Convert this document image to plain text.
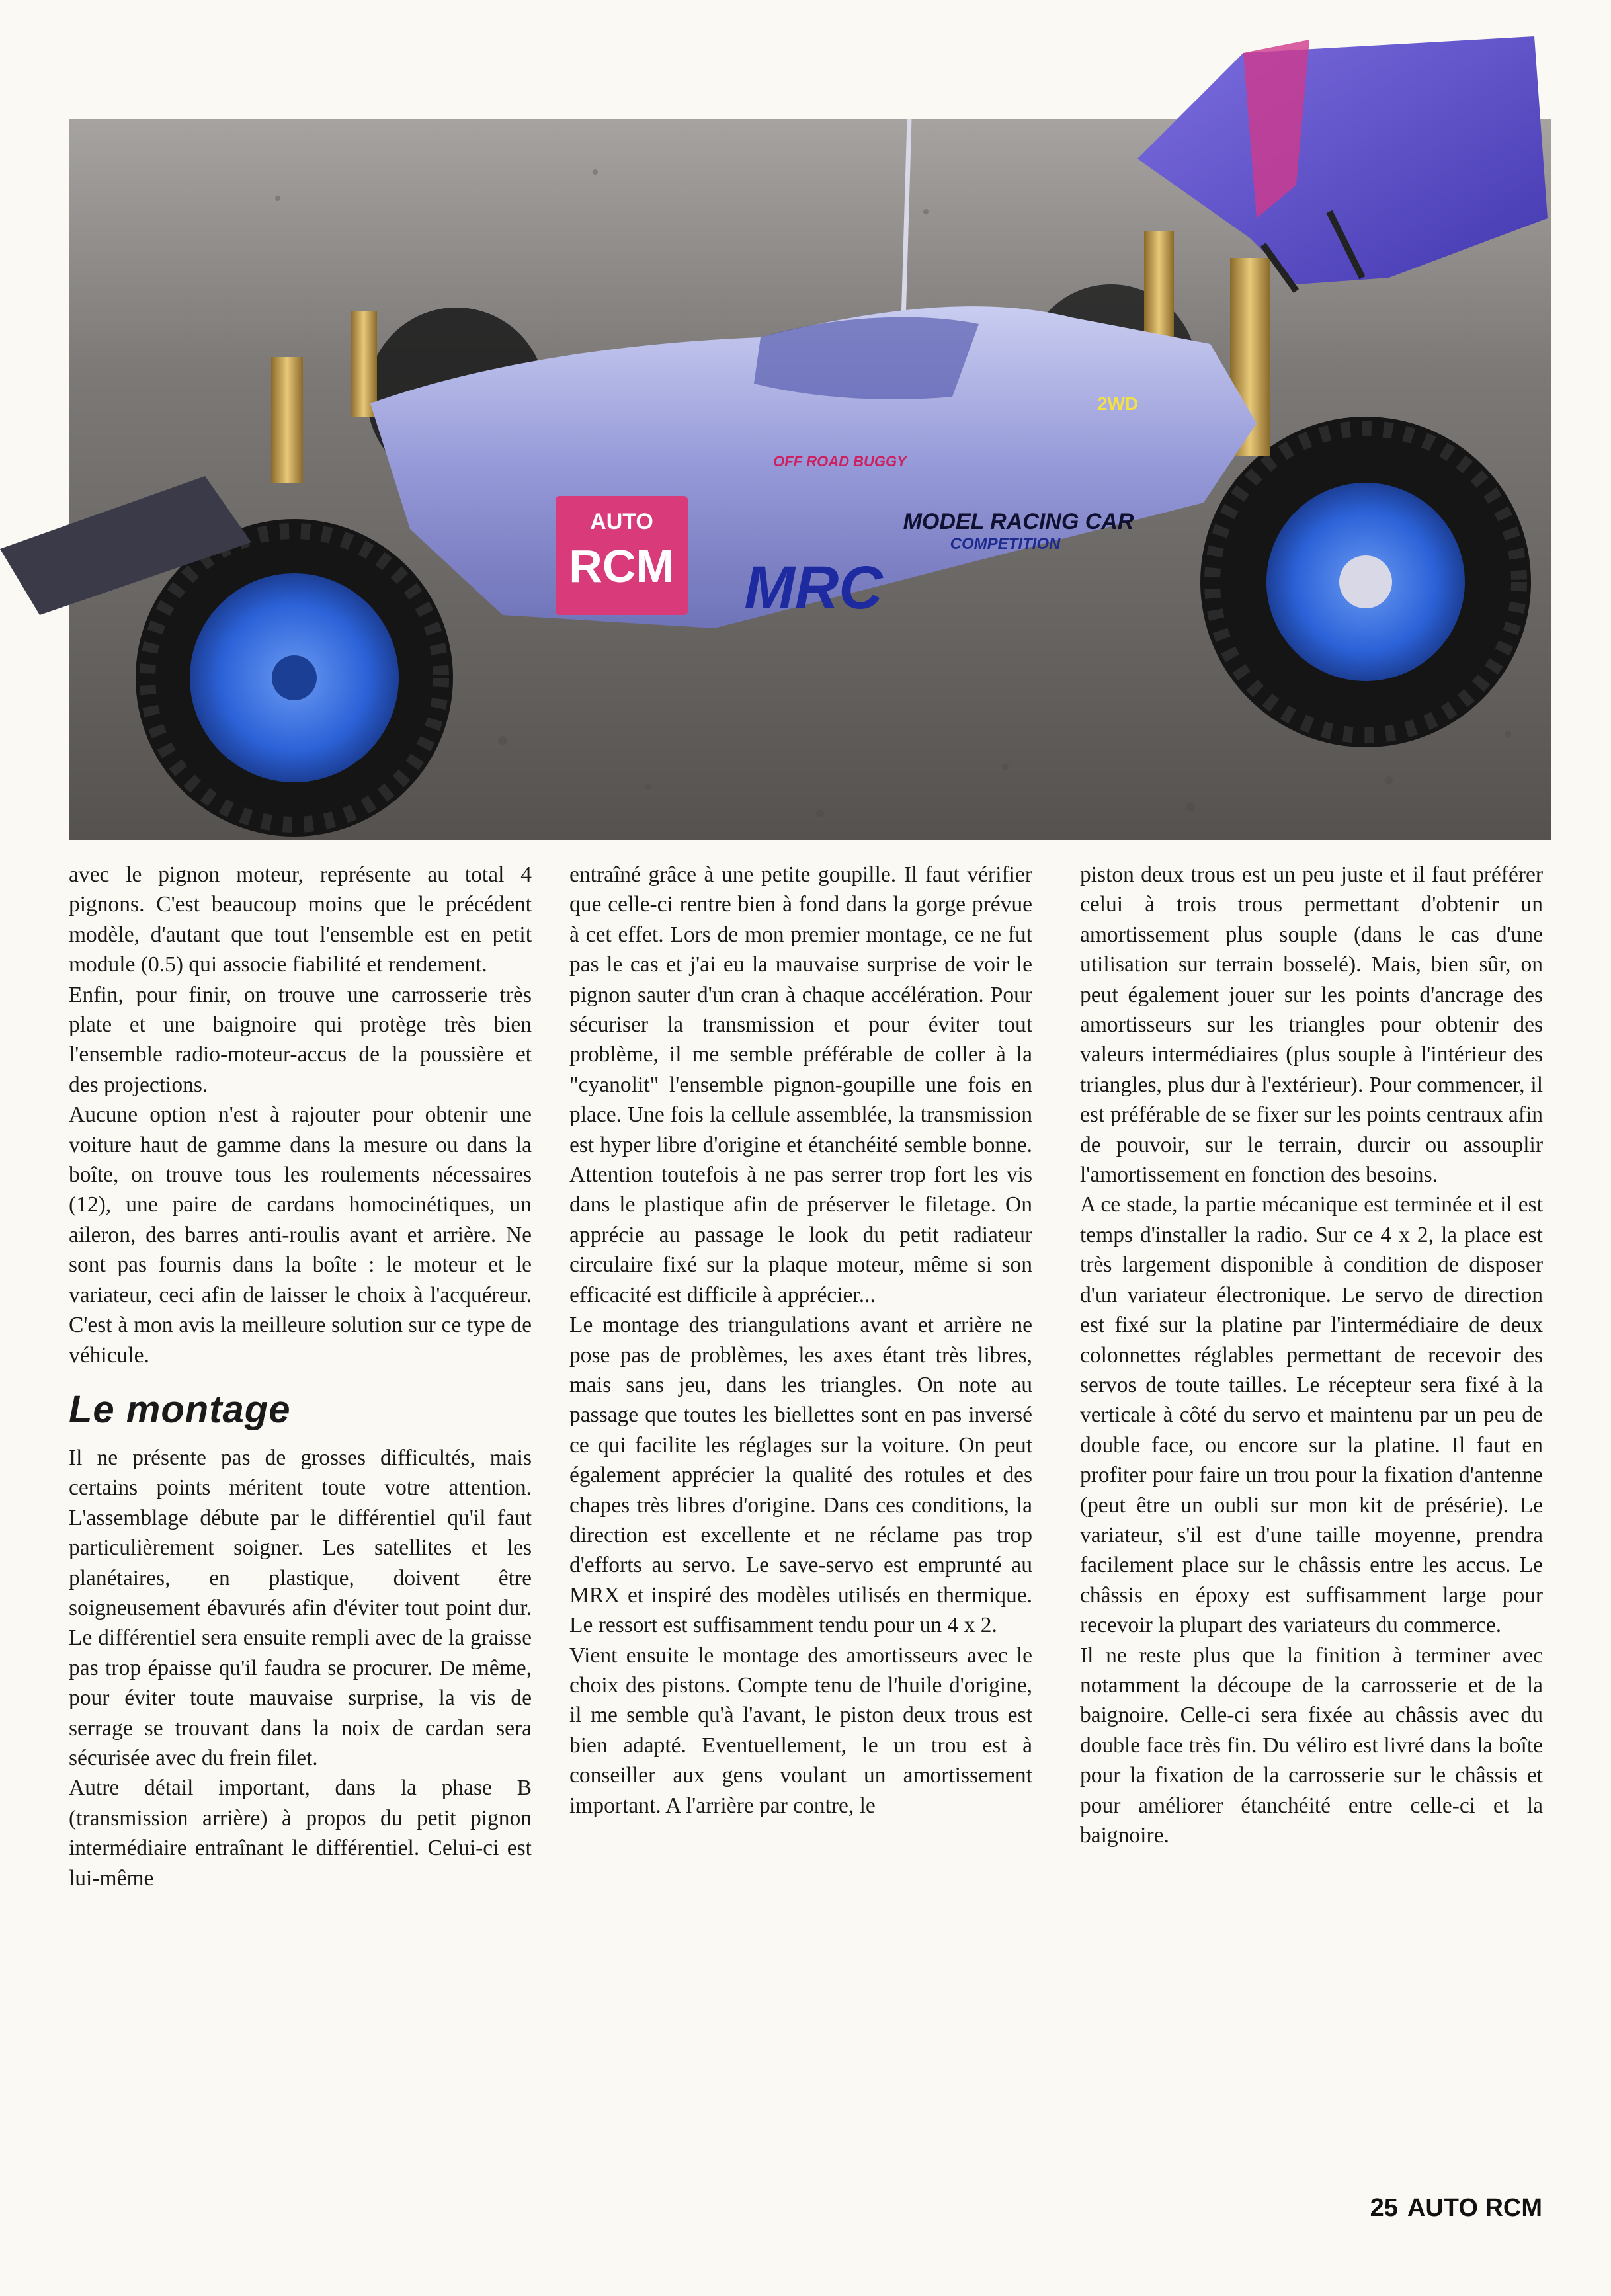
AUTO
RCM
MODEL RACING CAR
COMPETITION
MRC
2WD
OFF ROAD BUGGY

avec le pignon moteur, représente au total 4 pignons. C'est beaucoup moins que le précédent modèle, d'autant que tout l'ensemble est en petit module (0.5) qui associe fiabilité et rendement.

Enfin, pour finir, on trouve une carrosserie très plate et une baignoire qui protège très bien l'ensemble radio-moteur-accus de la poussière et des projections.

Aucune option n'est à rajouter pour obtenir une voiture haut de gamme dans la mesure ou dans la boîte, on trouve tous les roulements nécessaires (12), une paire de cardans homocinétiques, un aileron, des barres anti-roulis avant et arrière. Ne sont pas fournis dans la boîte : le moteur et le variateur, ceci afin de laisser le choix à l'acquéreur. C'est à mon avis la meilleure solution sur ce type de véhicule.

Le montage

Il ne présente pas de grosses difficultés, mais certains points méritent toute votre attention. L'assemblage débute par le différentiel qu'il faut particulièrement soigner. Les satellites et les planétaires, en plastique, doivent être soigneusement ébavurés afin d'éviter tout point dur. Le différentiel sera ensuite rempli avec de la graisse pas trop épaisse qu'il faudra se procurer. De même, pour éviter toute mauvaise surprise, la vis de serrage se trouvant dans la noix de cardan sera sécurisée avec du frein filet.

Autre détail important, dans la phase B (transmission arrière) à propos du petit pignon intermédiaire entraînant le différentiel. Celui-ci est lui-même

entraîné grâce à une petite goupille. Il faut vérifier que celle-ci rentre bien à fond dans la gorge prévue à cet effet. Lors de mon premier montage, ce ne fut pas le cas et j'ai eu la mauvaise surprise de voir le pignon sauter d'un cran à chaque accélération. Pour sécuriser la transmission et pour éviter tout problème, il me semble préférable de coller à la "cyanolit" l'ensemble pignon-goupille une fois en place. Une fois la cellule assemblée, la transmission est hyper libre d'origine et étanchéité semble bonne. Attention toutefois à ne pas serrer trop fort les vis dans le plastique afin de préserver le filetage. On apprécie au passage le look du petit radiateur circulaire fixé sur la plaque moteur, même si son efficacité est difficile à apprécier...

Le montage des triangulations avant et arrière ne pose pas de problèmes, les axes étant très libres, mais sans jeu, dans les triangles. On note au passage que toutes les biellettes sont en pas inversé ce qui facilite les réglages sur la voiture. On peut également apprécier la qualité des rotules et des chapes très libres d'origine. Dans ces conditions, la direction est excellente et ne réclame pas trop d'efforts au servo. Le save-servo est emprunté au MRX et inspiré des modèles utilisés en thermique. Le ressort est suffisamment tendu pour un 4 x 2.

Vient ensuite le montage des amortisseurs avec le choix des pistons. Compte tenu de l'huile d'origine, il me semble qu'à l'avant, le piston deux trous est bien adapté. Eventuellement, le un trou est à conseiller aux gens voulant un amortissement important. A l'arrière par contre, le

piston deux trous est un peu juste et il faut préférer celui à trois trous permettant d'obtenir un amortissement plus souple (dans le cas d'une utilisation sur terrain bosselé). Mais, bien sûr, on peut également jouer sur les points d'ancrage des amortisseurs sur les triangles pour obtenir des valeurs intermédiaires (plus souple à l'intérieur des triangles, plus dur à l'extérieur). Pour commencer, il est préférable de se fixer sur les points centraux afin de pouvoir, sur le terrain, durcir ou assouplir l'amortissement en fonction des besoins.

A ce stade, la partie mécanique est terminée et il est temps d'installer la radio. Sur ce 4 x 2, la place est très largement disponible à condition de disposer d'un variateur électronique. Le servo de direction est fixé sur la platine par l'intermédiaire de deux colonnettes réglables permettant de recevoir des servos de toute tailles. Le récepteur sera fixé à la verticale à côté du servo et maintenu par un peu de double face, ou encore sur la platine. Il faut en profiter pour faire un trou pour la fixation d'antenne (peut être un oubli sur mon kit de présérie). Le variateur, s'il est d'une taille moyenne, prendra facilement place sur le châssis entre les accus. Le châssis en époxy est suffisamment large pour recevoir la plupart des variateurs du commerce.

Il ne reste plus que la finition à terminer avec notamment la découpe de la carrosserie et de la baignoire. Celle-ci sera fixée au châssis avec du double face très fin. Du véliro est livré dans la boîte pour la fixation de la carrosserie sur le châssis et pour améliorer étanchéité entre celle-ci et la baignoire.

25 AUTO RCM
